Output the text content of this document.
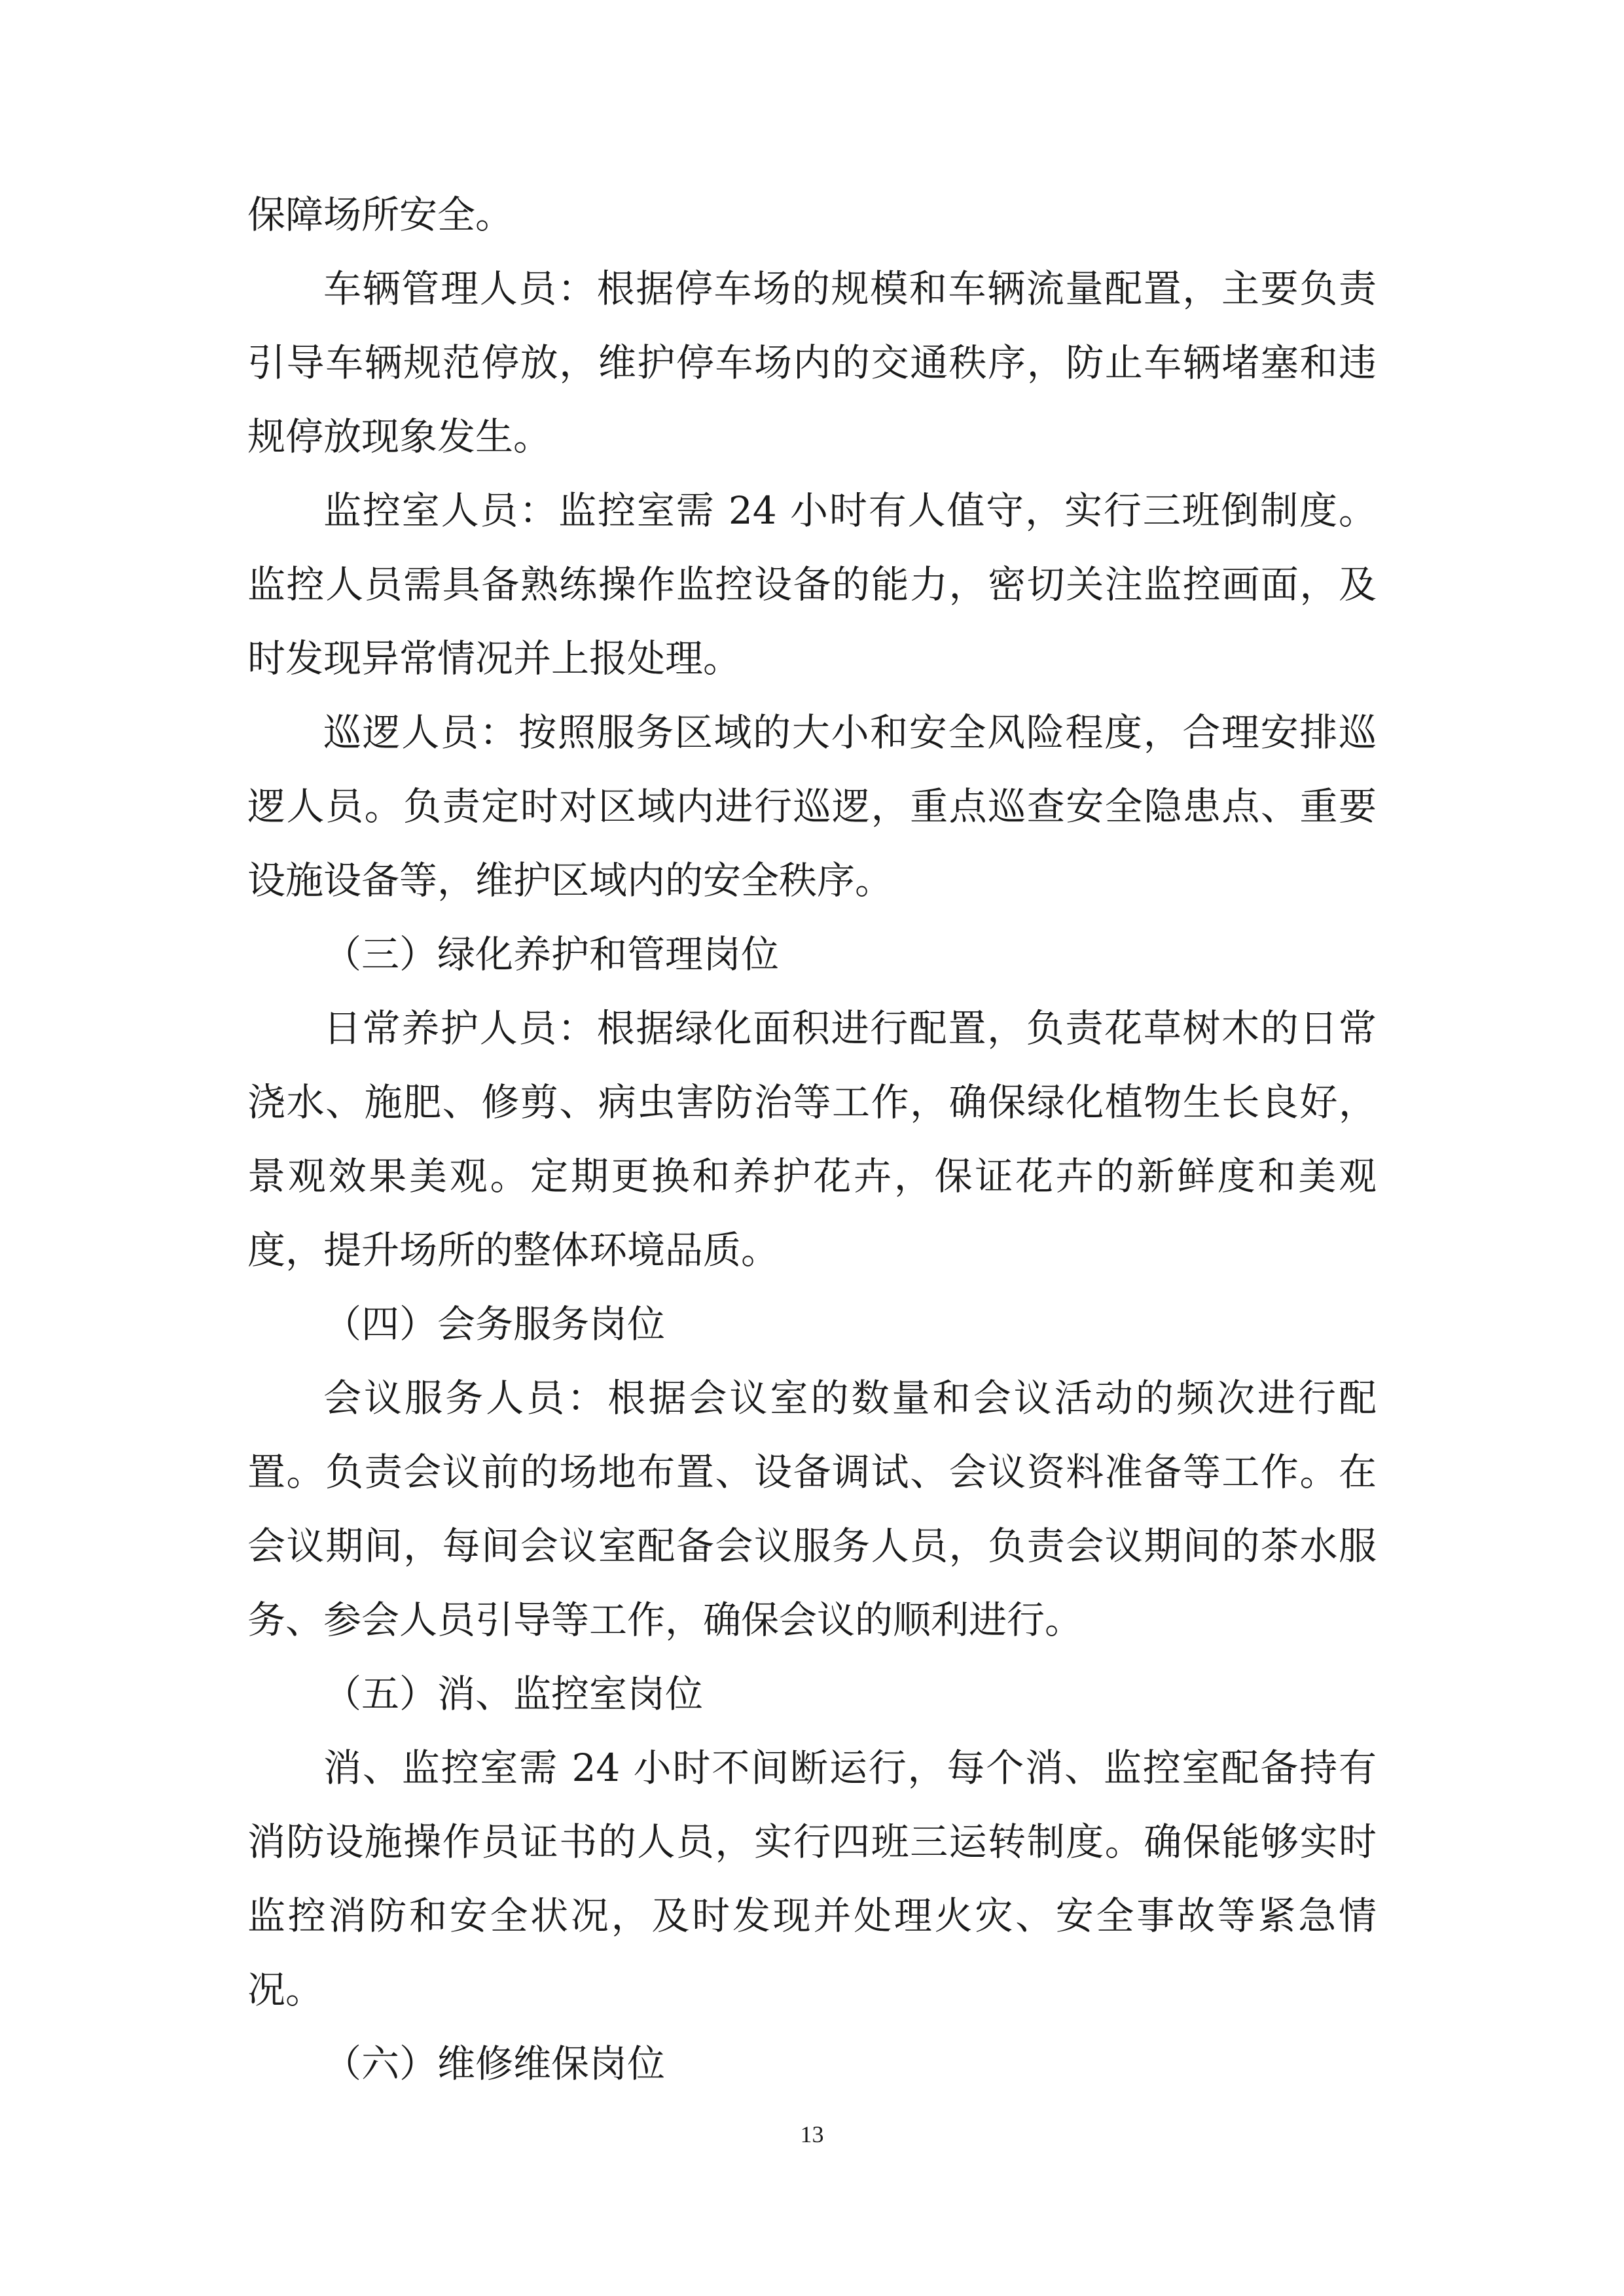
保障场所安全。

车辆管理人员：根据停车场的规模和车辆流量配置，主要负责引导车辆规范停放，维护停车场内的交通秩序，防止车辆堵塞和违规停放现象发生。

监控室人员：监控室需 24 小时有人值守，实行三班倒制度。监控人员需具备熟练操作监控设备的能力，密切关注监控画面，及时发现异常情况并上报处理。

巡逻人员：按照服务区域的大小和安全风险程度，合理安排巡逻人员。负责定时对区域内进行巡逻，重点巡查安全隐患点、重要设施设备等，维护区域内的安全秩序。

（三）绿化养护和管理岗位

日常养护人员：根据绿化面积进行配置，负责花草树木的日常浇水、施肥、修剪、病虫害防治等工作，确保绿化植物生长良好，景观效果美观。定期更换和养护花卉，保证花卉的新鲜度和美观度，提升场所的整体环境品质。

（四）会务服务岗位

会议服务人员：根据会议室的数量和会议活动的频次进行配置。负责会议前的场地布置、设备调试、会议资料准备等工作。在会议期间，每间会议室配备会议服务人员，负责会议期间的茶水服务、参会人员引导等工作，确保会议的顺利进行。

（五）消、监控室岗位

消、监控室需 24 小时不间断运行，每个消、监控室配备持有消防设施操作员证书的人员，实行四班三运转制度。确保能够实时监控消防和安全状况，及时发现并处理火灾、安全事故等紧急情况。

（六）维修维保岗位

13
